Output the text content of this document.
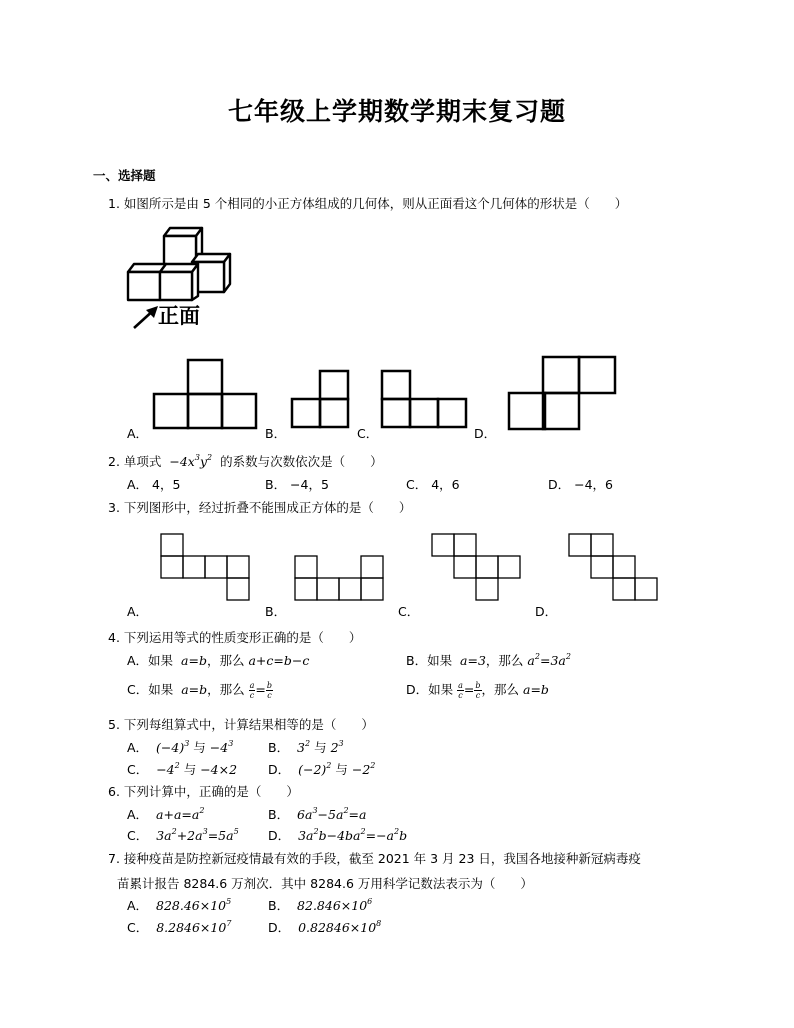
七年级上学期数学期末复习题
一、选择题
1. 如图所示是由 5 个相同的小正方体组成的几何体，则从正面看这个几何体的形状是（　　）
正面
A．	B．	C．	D．
2. 单项式  $-4x^3y^2$ 的系数与次数依次是（　　）
A． 4，5	B． −4，5	C． 4，6	D． −4，6
3. 下列图形中，经过折叠不能围成正方体的是（　　）
A．	B．	C．	D．
4. 下列运用等式的性质变形正确的是（　　）
A．如果  a=b，那么 a+c=b−c	B．如果  a=3，那么 $a^2=3a^2$
C．如果  a=b，那么 $\frac{a}{c} = \frac{b}{c}$	D．如果 $\frac{a}{c} = \frac{b}{c}$ ，那么 a=b
5. 下列每组算式中，计算结果相等的是（　　）
A．  $(-4)^3$ 与 $-4^3$	B．  $3^2$ 与 $2^3$
C．  $-4^2$ 与 −4×2 D．  $(-2)^2$ 与 $-2^2$
6. 下列计算中，正确的是（　　）
A．  $a+a=a^2$	B．  $6a^3-5a^2=a$
C．  $3a^2+2a^3=5a^5$ D．  $3a^2b-4ba^2=-a^2b$
7. 接种疫苗是防控新冠疫情最有效的手段，截至 2021 年 3 月 23 日，我国各地接种新冠病毒疫
苗累计报告 8284.6 万剂次．其中 8284.6 万用科学记数法表示为（　　）
A．  $828.46\times 10^5$	B．  $82.846\times 10^6$
C．  $8.2846\times 10^7$	D．  $0.82846\times 10^8$
